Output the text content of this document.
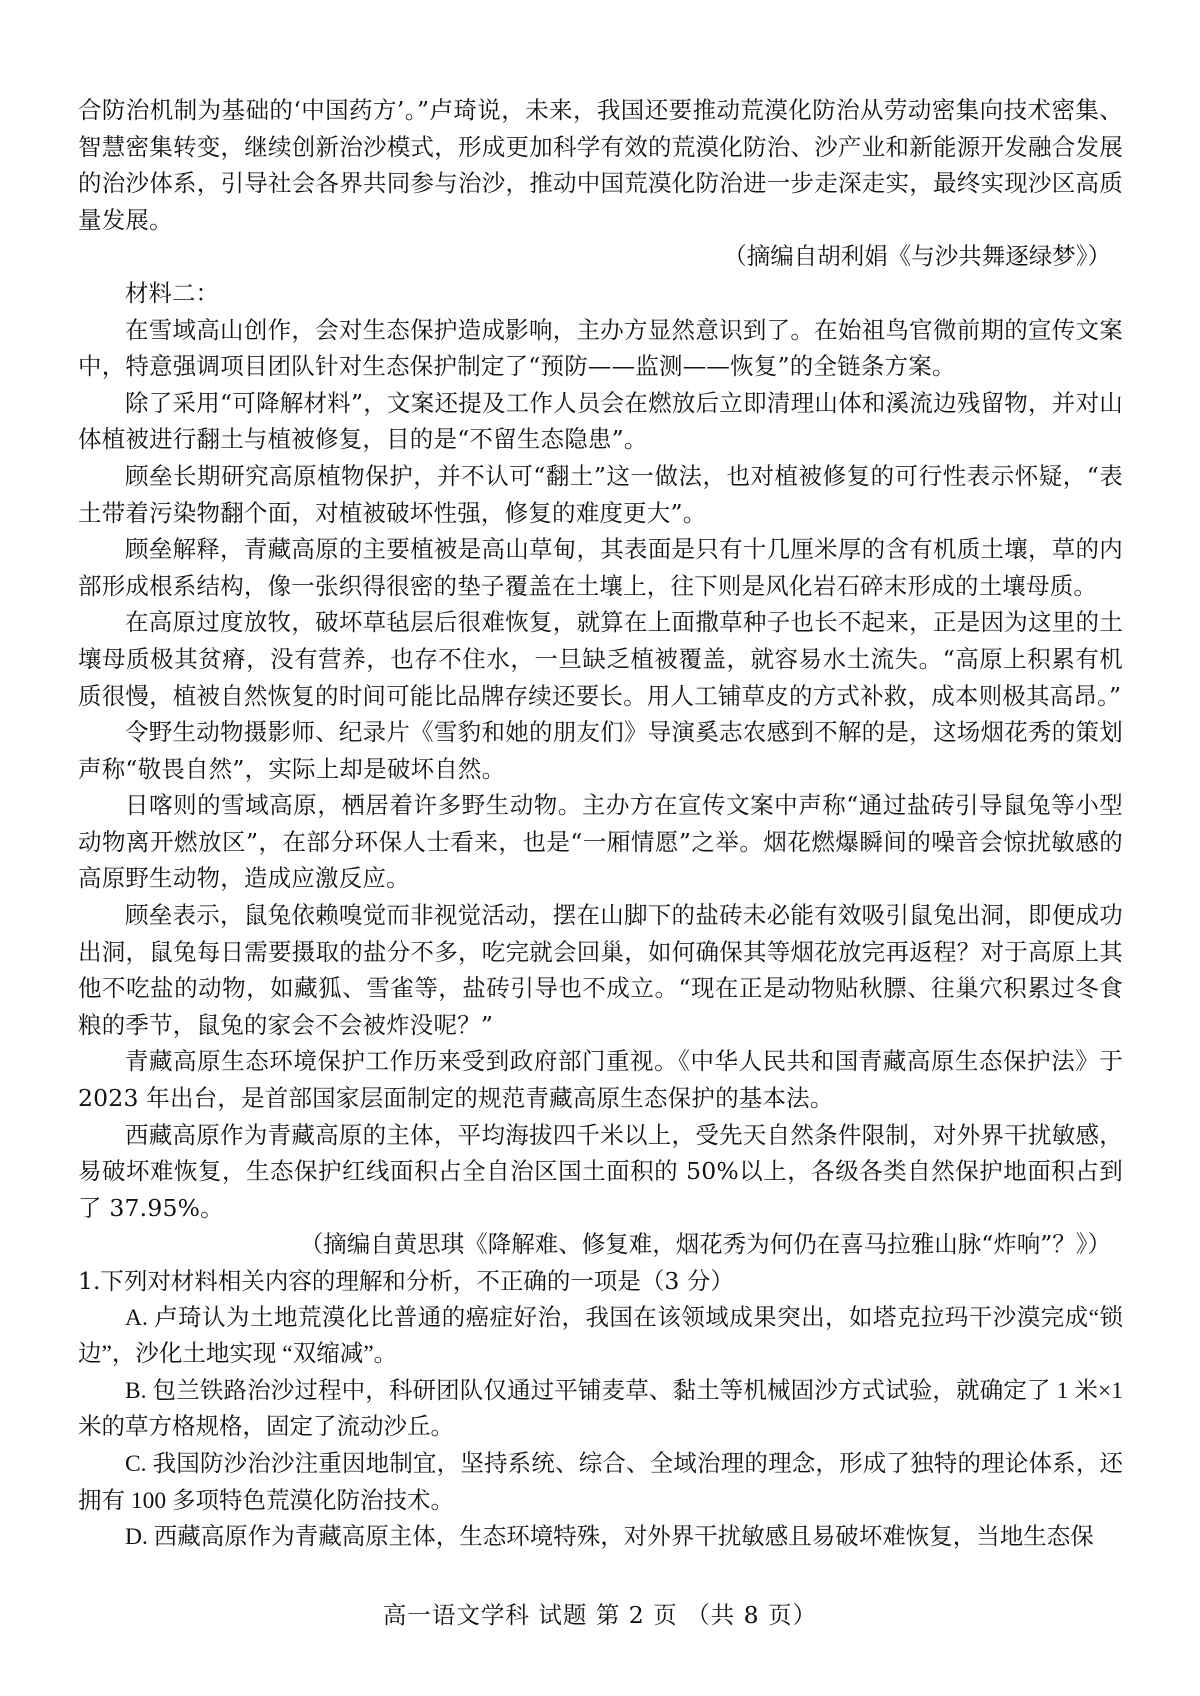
合防治机制为基础的‘中国药方’。”卢琦说，未来，我国还要推动荒漠化防治从劳动密集向技术密集、智慧密集转变，继续创新治沙模式，形成更加科学有效的荒漠化防治、沙产业和新能源开发融合发展的治沙体系，引导社会各界共同参与治沙，推动中国荒漠化防治进一步走深走实，最终实现沙区高质量发展。

（摘编自胡利娟《与沙共舞逐绿梦》）

材料二：

在雪域高山创作，会对生态保护造成影响，主办方显然意识到了。在始祖鸟官微前期的宣传文案中，特意强调项目团队针对生态保护制定了“预防——监测——恢复”的全链条方案。

除了采用“可降解材料”，文案还提及工作人员会在燃放后立即清理山体和溪流边残留物，并对山体植被进行翻土与植被修复，目的是“不留生态隐患”。

顾垒长期研究高原植物保护，并不认可“翻土”这一做法，也对植被修复的可行性表示怀疑，“表土带着污染物翻个面，对植被破坏性强，修复的难度更大”。

顾垒解释，青藏高原的主要植被是高山草甸，其表面是只有十几厘米厚的含有机质土壤，草的内部形成根系结构，像一张织得很密的垫子覆盖在土壤上，往下则是风化岩石碎末形成的土壤母质。

在高原过度放牧，破坏草毡层后很难恢复，就算在上面撒草种子也长不起来，正是因为这里的土壤母质极其贫瘠，没有营养，也存不住水，一旦缺乏植被覆盖，就容易水土流失。“高原上积累有机质很慢，植被自然恢复的时间可能比品牌存续还要长。用人工铺草皮的方式补救，成本则极其高昂。”

令野生动物摄影师、纪录片《雪豹和她的朋友们》导演奚志农感到不解的是，这场烟花秀的策划声称“敬畏自然”，实际上却是破坏自然。

日喀则的雪域高原，栖居着许多野生动物。主办方在宣传文案中声称“通过盐砖引导鼠兔等小型动物离开燃放区”，在部分环保人士看来，也是“一厢情愿”之举。烟花燃爆瞬间的噪音会惊扰敏感的高原野生动物，造成应激反应。

顾垒表示，鼠兔依赖嗅觉而非视觉活动，摆在山脚下的盐砖未必能有效吸引鼠兔出洞，即便成功出洞，鼠兔每日需要摄取的盐分不多，吃完就会回巢，如何确保其等烟花放完再返程？对于高原上其他不吃盐的动物，如藏狐、雪雀等，盐砖引导也不成立。“现在正是动物贴秋膘、往巢穴积累过冬食粮的季节，鼠兔的家会不会被炸没呢？”

青藏高原生态环境保护工作历来受到政府部门重视。《中华人民共和国青藏高原生态保护法》于 2023 年出台，是首部国家层面制定的规范青藏高原生态保护的基本法。

西藏高原作为青藏高原的主体，平均海拔四千米以上，受先天自然条件限制，对外界干扰敏感，易破坏难恢复，生态保护红线面积占全自治区国土面积的 50%以上，各级各类自然保护地面积占到了 37.95%。

（摘编自黄思琪《降解难、修复难，烟花秀为何仍在喜马拉雅山脉“炸响”？》）

1.下列对材料相关内容的理解和分析，不正确的一项是（3 分）

A. 卢琦认为土地荒漠化比普通的癌症好治，我国在该领域成果突出，如塔克拉玛干沙漠完成“锁边”，沙化土地实现 “双缩减”。

B. 包兰铁路治沙过程中，科研团队仅通过平铺麦草、黏土等机械固沙方式试验，就确定了 1 米×1 米的草方格规格，固定了流动沙丘。

C. 我国防沙治沙注重因地制宜，坚持系统、综合、全域治理的理念，形成了独特的理论体系，还拥有 100 多项特色荒漠化防治技术。

D. 西藏高原作为青藏高原主体，生态环境特殊，对外界干扰敏感且易破坏难恢复，当地生态保

高一语文学科 试题 第 2 页 （共 8 页）
